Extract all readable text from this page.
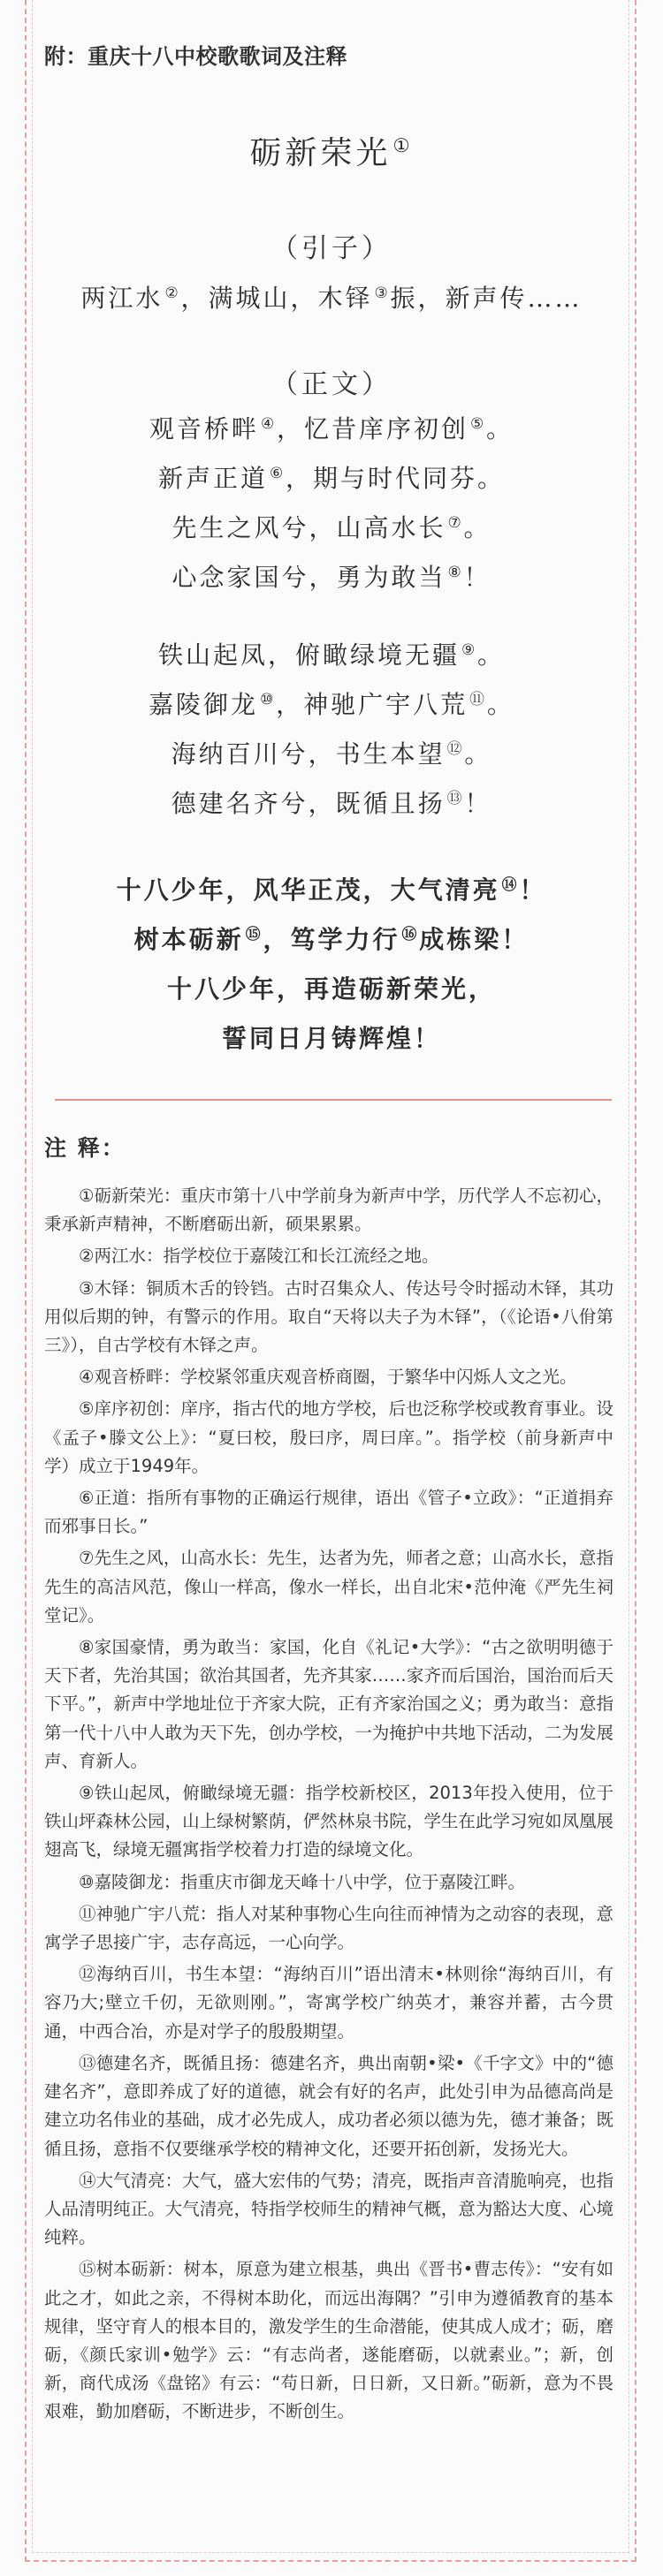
附：重庆十八中校歌歌词及注释
砺新荣光①
（引子）
两江水 ②，满城山，木铎 ③振，新声传……
（正文）
观音桥畔 ④，忆昔庠序初创 ⑤。
新声正道 ⑥，期与时代同芬。
先生之风兮，山高水长 ⑦。
心念家国兮，勇为敢当 ⑧！
铁山起凤，俯瞰绿境无疆 ⑨。
嘉陵御龙 ⑩，神驰广宇八荒 ⑪。
海纳百川兮，书生本望 ⑫。
德建名齐兮，既循且扬 ⑬！
十八少年，风华正茂，大气清亮 ⑭！
树本砺新 ⑮，笃学力行 ⑯成栋梁！
十八少年，再造砺新荣光，
誓同日月铸辉煌！
注 释：

①砺新荣光：重庆市第十八中学前身为新声中学，历代学人不忘初心，秉承新声精神，不断磨砺出新，硕果累累。

②两江水：指学校位于嘉陵江和长江流经之地。

③木铎：铜质木舌的铃铛。古时召集众人、传达号令时摇动木铎，其功用似后期的钟，有警示的作用。取自“天将以夫子为木铎”，（《论语•八佾第三》），自古学校有木铎之声。

④观音桥畔：学校紧邻重庆观音桥商圈，于繁华中闪烁人文之光。

⑤庠序初创：庠序，指古代的地方学校，后也泛称学校或教育事业。设《孟子•滕文公上》：“夏曰校，殷曰序，周曰庠。”。指学校（前身新声中学）成立于1949年。

⑥正道：指所有事物的正确运行规律，语出《管子•立政》：“正道捐弃而邪事日长。”

⑦先生之风，山高水长：先生，达者为先，师者之意；山高水长，意指先生的高洁风范，像山一样高，像水一样长，出自北宋•范仲淹《严先生祠堂记》。

⑧家国豪情，勇为敢当：家国，化自《礼记•大学》：“古之欲明明德于天下者，先治其国；欲治其国者，先齐其家……家齐而后国治，国治而后天下平。”，新声中学地址位于齐家大院，正有齐家治国之义；勇为敢当：意指第一代十八中人敢为天下先，创办学校，一为掩护中共地下活动，二为发展声、育新人。

⑨铁山起凤，俯瞰绿境无疆：指学校新校区，2013年投入使用，位于铁山坪森林公园，山上绿树繁荫，俨然林泉书院，学生在此学习宛如凤凰展翅高飞，绿境无疆寓指学校着力打造的绿境文化。

⑩嘉陵御龙：指重庆市御龙天峰十八中学，位于嘉陵江畔。

⑪神驰广宇八荒：指人对某种事物心生向往而神情为之动容的表现，意寓学子思接广宇，志存高远，一心向学。

⑫海纳百川，书生本望：“海纳百川”语出清末•林则徐“海纳百川，有容乃大;壁立千仞，无欲则刚。”，寄寓学校广纳英才，兼容并蓄，古今贯通，中西合冶，亦是对学子的殷殷期望。

⑬德建名齐，既循且扬：德建名齐，典出南朝•梁•《千字文》中的“德建名齐”，意即养成了好的道德，就会有好的名声，此处引申为品德高尚是建立功名伟业的基础，成才必先成人，成功者必须以德为先，德才兼备；既循且扬，意指不仅要继承学校的精神文化，还要开拓创新，发扬光大。

⑭大气清亮：大气，盛大宏伟的气势；清亮，既指声音清脆响亮，也指人品清明纯正。大气清亮，特指学校师生的精神气概，意为豁达大度、心境纯粹。

⑮树本砺新：树本，原意为建立根基，典出《晋书•曹志传》：“安有如此之才，如此之亲，不得树本助化，而远出海隅？”引申为遵循教育的基本规律，坚守育人的根本目的，激发学生的生命潜能，使其成人成才；砺，磨砺，《颜氏家训•勉学》云：“有志尚者，遂能磨砺，以就素业。”；新，创新，商代成汤《盘铭》有云：“苟日新，日日新，又日新。”砺新，意为不畏艰难，勤加磨砺，不断进步，不断创生。
